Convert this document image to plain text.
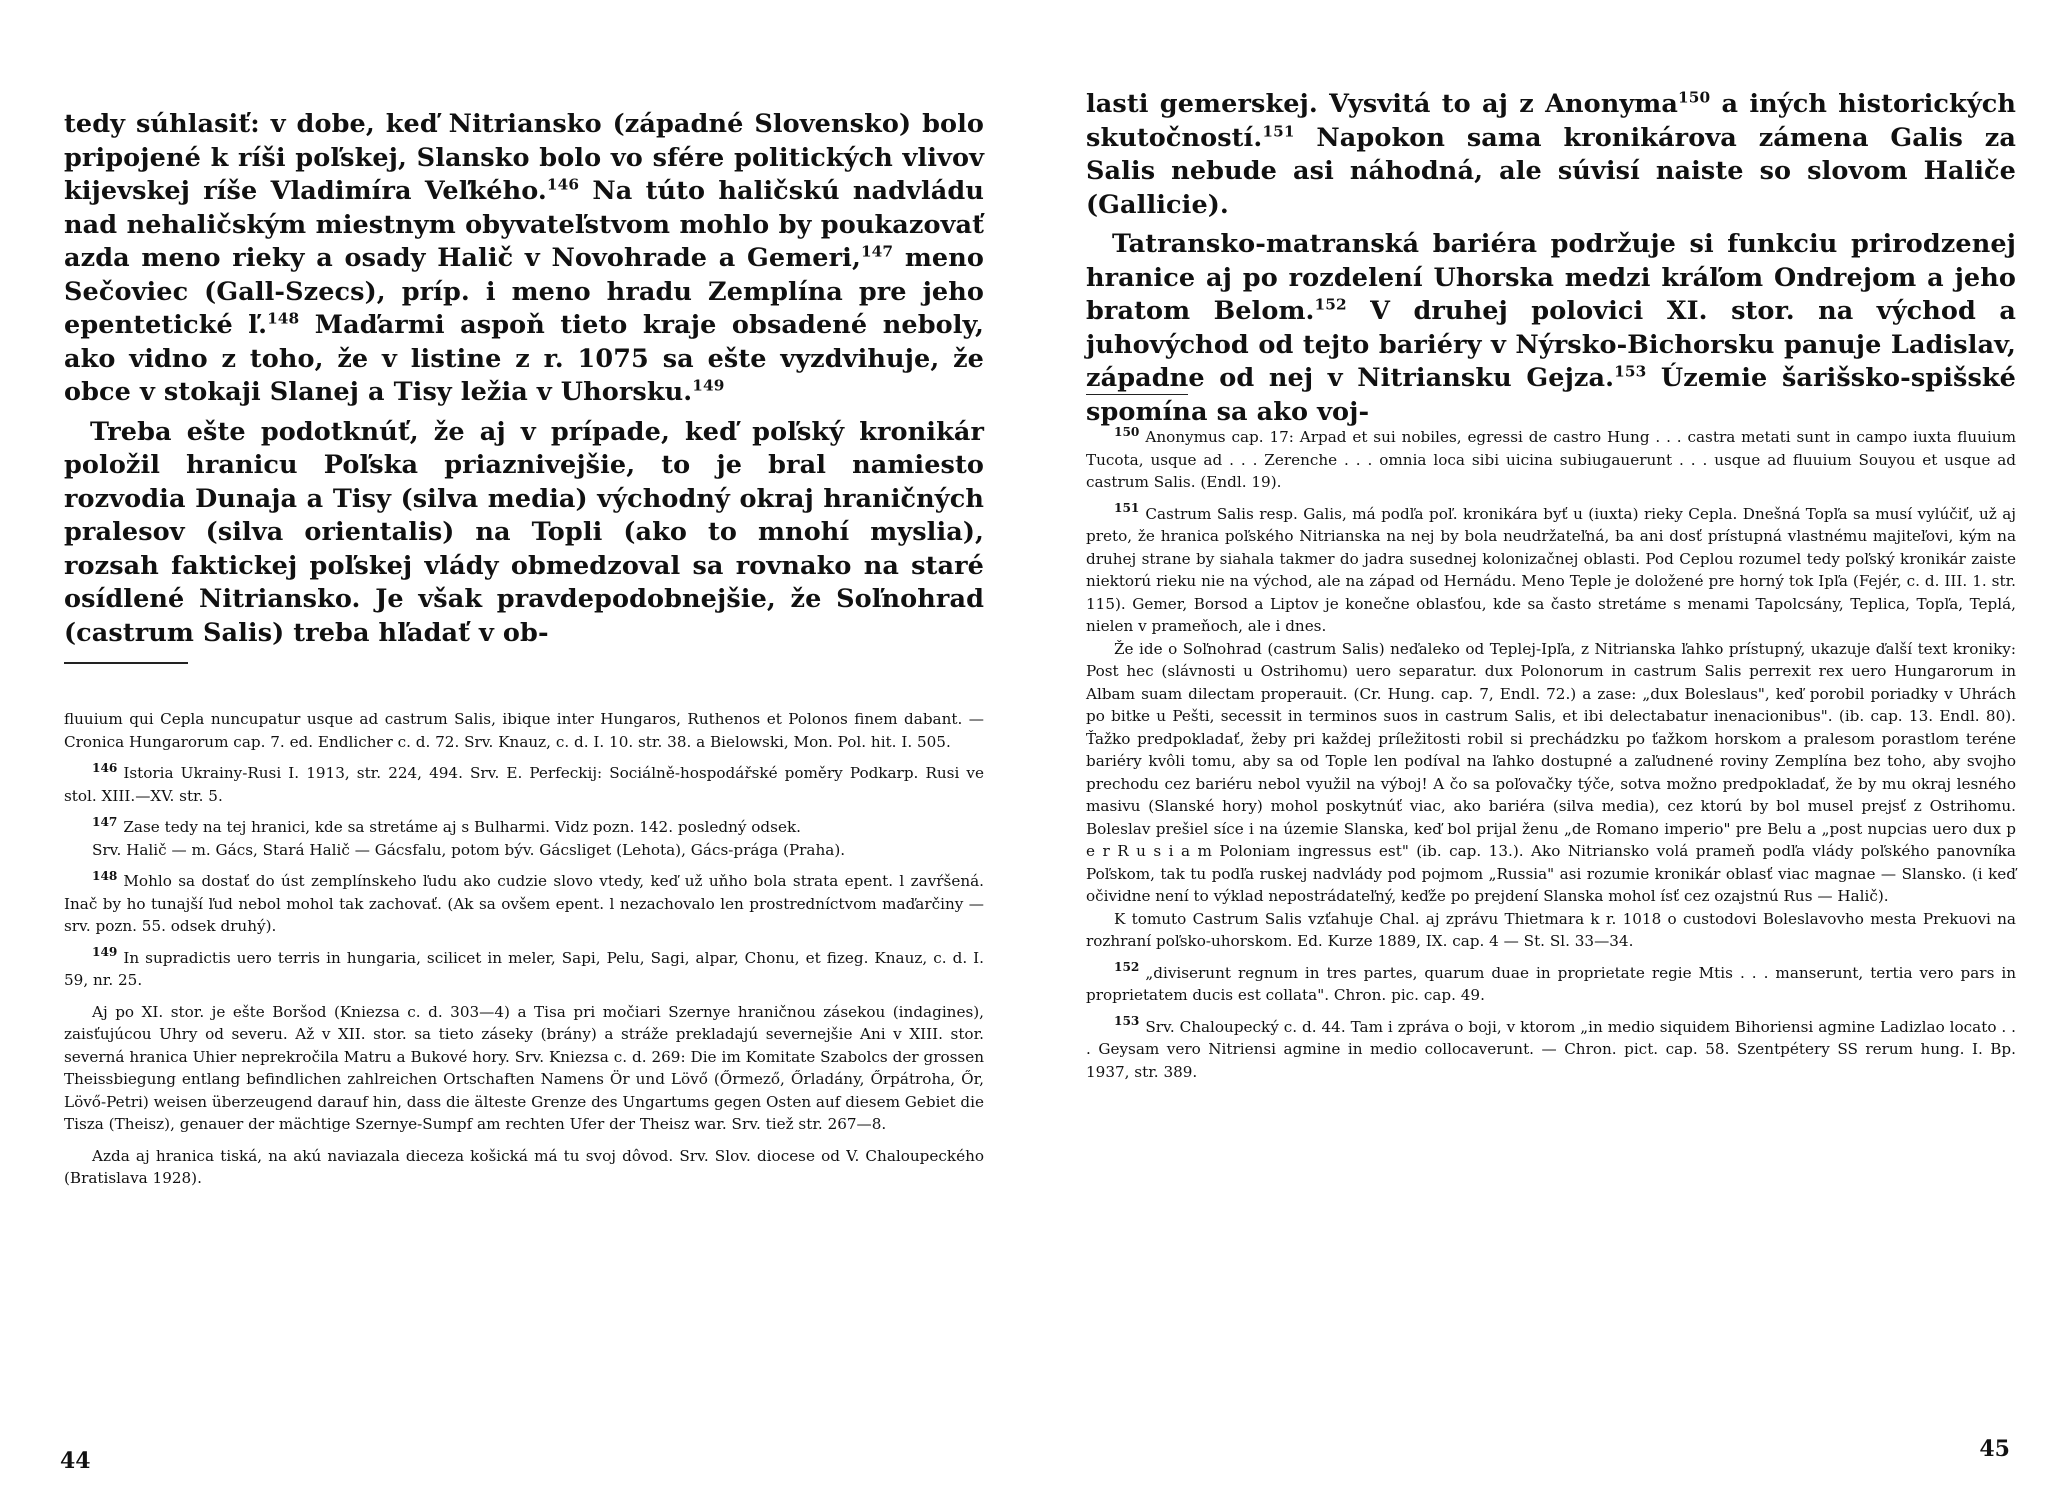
tedy súhlasiť: v dobe, keď Nitriansko (západné Slovensko) bolo pripojené k ríši poľskej, Slansko bolo vo sfére politických vlivov kijevskej ríše Vladimíra Veľkého.$^{146}$ Na túto haličskú nadvládu nad nehaličským miestnym obyvateľstvom mohlo by poukazovať azda meno rieky a osady Halič v Novohrade a Gemeri,$^{147}$ meno Sečoviec (Gall-Szecs), príp. i meno hradu Zemplína pre jeho epentetické ľ.$^{148}$ Maďarmi aspoň tieto kraje obsadené neboly, ako vidno z toho, že v listine z r. 1075 sa ešte vyzdvihuje, že obce v stokaji Slanej a Tisy ležia v Uhorsku.$^{149}$

Treba ešte podotknúť, že aj v prípade, keď poľský kronikár položil hranicu Poľska priaznivejšie, to je bral namiesto rozvodia Dunaja a Tisy (silva media) východný okraj hraničných pralesov (silva orientalis) na Topli (ako to mnohí myslia), rozsah faktickej poľskej vlády obmedzoval sa rovnako na staré osídlené Nitriansko. Je však pravdepodobnejšie, že Soľnohrad (castrum Salis) treba hľadať v ob-

fluuium qui Cepla nuncupatur usque ad castrum Salis, ibique inter Hungaros, Ruthenos et Polonos finem dabant. — Cronica Hungarorum cap. 7. ed. Endlicher c. d. 72. Srv. Knauz, c. d. I. 10. str. 38. a Bielowski, Mon. Pol. hit. I. 505.

$^{146}$ Istoria Ukrainy-Rusi I. 1913, str. 224, 494. Srv. E. Perfeckij: Sociálně-hospodářské poměry Podkarp. Rusi ve stol. XIII.—XV. str. 5.

$^{147}$ Zase tedy na tej hranici, kde sa stretáme aj s Bulharmi. Vidz pozn. 142. posledný odsek.

Srv. Halič — m. Gács, Stará Halič — Gácsfalu, potom býv. Gácsliget (Lehota), Gács-prága (Praha).

$^{148}$ Mohlo sa dostať do úst zemplínskeho ľudu ako cudzie slovo vtedy, keď už uňho bola strata epent. l zavŕšená. Inač by ho tunajší ľud nebol mohol tak zachovať. (Ak sa ovšem epent. l nezachovalo len prostredníctvom maďarčiny — srv. pozn. 55. odsek druhý).

$^{149}$ In supradictis uero terris in hungaria, scilicet in meler, Sapi, Pelu, Sagi, alpar, Chonu, et fizeg. Knauz, c. d. I. 59, nr. 25.

Aj po XI. stor. je ešte Boršod (Kniezsa c. d. 303—4) a Tisa pri močiari Szernye hraničnou zásekou (indagines), zaisťujúcou Uhry od severu. Až v XII. stor. sa tieto záseky (brány) a stráže prekladajú severnejšie Ani v XIII. stor. severná hranica Uhier neprekročila Matru a Bukové hory. Srv. Kniezsa c. d. 269: Die im Komitate Szabolcs der grossen Theissbiegung entlang befindlichen zahlreichen Ortschaften Namens Ör und Lövő (Őrmező, Őrladány, Őrpátroha, Őr, Lövő-Petri) weisen überzeugend darauf hin, dass die älteste Grenze des Ungartums gegen Osten auf diesem Gebiet die Tisza (Theisz), genauer der mächtige Szernye-Sumpf am rechten Ufer der Theisz war. Srv. tiež str. 267—8.

Azda aj hranica tiská, na akú naviazala dieceza košická má tu svoj dôvod. Srv. Slov. diocese od V. Chaloupeckého (Bratislava 1928).

44

lasti gemerskej. Vysvitá to aj z Anonyma$^{150}$ a iných historických skutočností.$^{151}$ Napokon sama kronikárova zámena Galis za Salis nebude asi náhodná, ale súvisí naiste so slovom Haliče (Gallicie).

Tatransko-matranská bariéra podržuje si funkciu prirodzenej hranice aj po rozdelení Uhorska medzi kráľom Ondrejom a jeho bratom Belom.$^{152}$ V druhej polovici XI. stor. na východ a juhovýchod od tejto bariéry v Nýrsko-Bichorsku panuje Ladislav, západne od nej v Nitriansku Gejza.$^{153}$ Územie šarišsko-spišské spomína sa ako voj-

$^{150}$ Anonymus cap. 17: Arpad et sui nobiles, egressi de castro Hung . . . castra metati sunt in campo iuxta fluuium Tucota, usque ad . . . Zerenche . . . omnia loca sibi uicina subiugauerunt . . . usque ad fluuium Souyou et usque ad castrum Salis. (Endl. 19).

$^{151}$ Castrum Salis resp. Galis, má podľa poľ. kronikára byť u (iuxta) rieky Cepla. Dnešná Topľa sa musí vylúčiť, už aj preto, že hranica poľského Nitrianska na nej by bola neudržateľná, ba ani dosť prístupná vlastnému majiteľovi, kým na druhej strane by siahala takmer do jadra susednej kolonizačnej oblasti. Pod Ceplou rozumel tedy poľský kronikár zaiste niektorú rieku nie na východ, ale na západ od Hernádu. Meno Teple je doložené pre horný tok Ipľa (Fejér, c. d. III. 1. str. 115). Gemer, Borsod a Liptov je konečne oblasťou, kde sa často stretáme s menami Tapolcsány, Teplica, Topľa, Teplá, nielen v prameňoch, ale i dnes.

Že ide o Soľnohrad (castrum Salis) neďaleko od Teplej-Ipľa, z Nitrianska ľahko prístupný, ukazuje ďalší text kroniky: Post hec (slávnosti u Ostrihomu) uero separatur. dux Polonorum in castrum Salis perrexit rex uero Hungarorum in Albam suam dilectam properauit. (Cr. Hung. cap. 7, Endl. 72.) a zase: „dux Boleslaus", keď porobil poriadky v Uhrách po bitke u Pešti, secessit in terminos suos in castrum Salis, et ibi delectabatur inenacionibus". (ib. cap. 13. Endl. 80). Ťažko predpokladať, žeby pri každej príležitosti robil si prechádzku po ťažkom horskom a pralesom porastlom teréne bariéry kvôli tomu, aby sa od Tople len podíval na ľahko dostupné a zaľudnené roviny Zemplína bez toho, aby svojho prechodu cez bariéru nebol využil na výboj! A čo sa poľovačky týče, sotva možno predpokladať, že by mu okraj lesného masivu (Slanské hory) mohol poskytnúť viac, ako bariéra (silva media), cez ktorú by bol musel prejsť z Ostrihomu. Boleslav prešiel síce i na územie Slanska, keď bol prijal ženu „de Romano imperio" pre Belu a „post nupcias uero dux p e r R u s i a m Poloniam ingressus est" (ib. cap. 13.). Ako Nitriansko volá prameň podľa vlády poľského panovníka Poľskom, tak tu podľa ruskej nadvlády pod pojmom „Russia" asi rozumie kronikár oblasť viac magnae — Slansko. (i keď očividne není to výklad nepostrádateľný, keďže po prejdení Slanska mohol ísť cez ozajstnú Rus — Halič).

K tomuto Castrum Salis vzťahuje Chal. aj zprávu Thietmara k r. 1018 o custodovi Boleslavovho mesta Prekuovi na rozhraní poľsko-uhorskom. Ed. Kurze 1889, IX. cap. 4 — St. Sl. 33—34.

$^{152}$ „diviserunt regnum in tres partes, quarum duae in proprietate regie Mtis . . . manserunt, tertia vero pars in proprietatem ducis est collata". Chron. pic. cap. 49.

$^{153}$ Srv. Chaloupecký c. d. 44. Tam i zpráva o boji, v ktorom „in medio siquidem Bihoriensi agmine Ladizlao locato . . . Geysam vero Nitriensi agmine in medio collocaverunt. — Chron. pict. cap. 58. Szentpétery SS rerum hung. I. Bp. 1937, str. 389.

45
